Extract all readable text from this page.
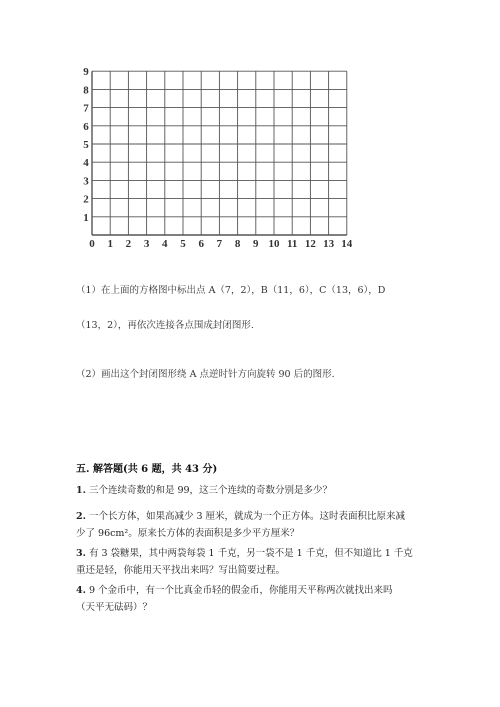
0 1 2 3 4 5 6 7 8 9 10 11 12 13 14
1
2
3
4
5
6
7
8
9
（1）在上面的方格图中标出点 A（7，2），B（11，6），C（13，6），D
（13，2），再依次连接各点围成封闭图形.
（2）画出这个封闭图形绕 A 点逆时针方向旋转 90 后的图形.
五. 解答题(共 6 题，共 43 分)
1. 三个连续奇数的和是 99，这三个连续的奇数分别是多少？
2. 一个长方体，如果高减少 3 厘米，就成为一个正方体。这时表面积比原来减
少了 96cm²。原来长方体的表面积是多少平方厘米？
3. 有 3 袋糖果，其中两袋每袋 1 千克，另一袋不是 1 千克，但不知道比 1 千克
重还是轻，你能用天平找出来吗？写出简要过程。
4. 9 个金币中，有一个比真金币轻的假金币，你能用天平称两次就找出来吗
（天平无砝码）？
